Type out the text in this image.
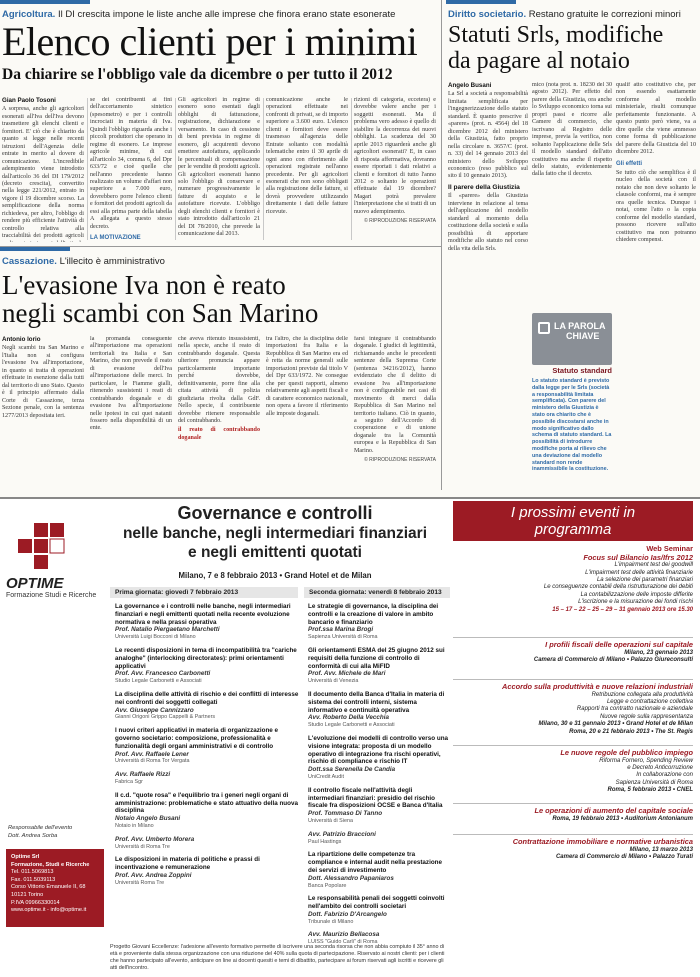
Agricoltura. Il DI crescita impone le liste anche alle imprese che finora erano state esonerate
Elenco clienti per i minimi
Da chiarire se l'obbligo vale da dicembre o per tutto il 2012
Gian Paolo Tosoni

A sorpresa, anche gli agricoltori esonerati all'Iva dell'Iva devono trasmettere gli elenchi clienti e fornitori. E' ciò che è chiarito da quanto si legge nelle recenti istruzioni dell'Agenzia delle entrate in merito al dovere di comunicazione. L'incredibile adempimento viene introdotto dall'articolo 36 del DI 179/2012 (decreto crescita), convertito nella legge 221/2012, entrato in vigore il 19 dicembre scorso. La semplificazione della norma richiedeva, per altro, l'obbligo di rendere più efficiente l'attività di controllo relativa alla tracciabilità dei prodotti agricoli

se dei contribuenti ai fini dell'accertamento sintetico (spesometro) e per i controlli incrociati in materia di Iva. Quindi l'obbligo riguarda anche i piccoli produttori che operano in regime di esonero. Le imprese agricole minime, di cui all'articolo 34, comma 6, del Dpr 633/72 e cioè quelle che nell'anno precedente hanno realizzato un volume d'affari non superiore a 7.000 euro, dovrebbero porre l'elenco clienti e fornitori dei prodotti agricoli da essi alla prima parte della tabella A allegata a questo stesso decreto.

LA MOTIVAZIONE

Gli agricoltori in regime di esonero sono esentati dagli obblighi di fatturazione, registrazione, dichiarazione e versamento. In caso di cessione di beni prevista in regime di esonero, gli acquirenti devono emettere autofattura, applicando le percentuali di compensazione per le vendite di prodotti agricoli. Gli agricoltori esonerati hanno solo l'obbligo di conservare e numerare progressivamente le fatture di acquisto e le autofatture ricevute. L'obbligo degli elenchi clienti e fornitori è stato introdotto dall'articolo 21 del DI 78/2010, che prevede la comunicazione dal 2013.

comunicazione anche le operazioni effettuate nei confronti di privati, se di importo superiore a 3.600 euro. L'elenco clienti e fornitori deve essere trasmesso all'agenzia delle Entrate soltanto con modalità telematiche entro il 30 aprile di ogni anno con riferimento alle operazioni registrate nell'anno precedente. Per gli agricoltori esonerati che non sono obbligati alla registrazione delle fatture, si dovrà provvedere utilizzando direttamente i dati delle fatture ricevute.

rizioni di categoria, eccetera) e dovrebbe valere anche per i soggetti esonerati. Ma il problema vero adesso è quello di stabilire la decorrenza dei nuovi obblighi. La scadenza del 30 aprile 2013 riguarderà anche gli agricoltori esonerati? E, in caso di risposta affermativa, dovranno essere riportati i dati relativi a clienti e fornitori di tutto l'anno 2012 o soltanto le operazioni effettuate dal 19 dicembre? Magari potrà prevalere l'interpretazione che si tratti di un nuovo adempimento.

© RIPRODUZIONE RISERVATA
Diritto societario. Restano gratuite le correzioni minori
Statuti Srls, modifiche
da pagare al notaio
Angelo Busani

La Srl a società a responsabilità limitata semplificata per l'ingegnerizzazione dello statuto standard. È quanto prescrive il «parere» (prot. n. 4564) del 18 dicembre 2012 del ministero della Giustizia, fatto proprio nella circolare n. 3657/C (prot. n. 33) del 14 gennaio 2013 del ministero dello Sviluppo economico (reso pubblico sul sito il 10 gennaio 2013).

Il parere della Giustizia

Il «parere» della Giustizia interviene in relazione al tema dell'applicazione del modello standard al momento della costituzione della società e sulla possibilità di apportare modifiche allo statuto nel corso della vita della Srls.

mico (nota prot. n. 18230 del 30 agosto 2012). Per effetto del parere della Giustizia, ora anche lo Sviluppo economico torna sui propri passi e ricorre alle Camere di commercio, che iscrivano al Registro delle imprese, previa la verifica, non soltanto l'applicazione delle Srls il modello standard dell'atto costitutivo ma anche il rispetto dello statuto, evidentemente dalla fatto che il decreto.

qualif atto costitutivo che, per non essendo esattamente conforme al modello ministeriale, risulti comunque perfettamente funzionante. A questo punto però viene, va a dire quelle che viene ammesso come forma di pubblicazione del parere della Giustizia del 10 dicembre 2012.

Gli effetti

Se tutto ciò che semplifica è il nucleo della società con il notaio che non deve soltanto le clausole conformi, ma è sempre ora quelle tecnica. Dunque i notai, come l'atto o la copia conforme del modello standard, possono ricevere sull'atto costitutivo ma non potranno chiedere compensi.

LA PAROLA
CHIAVE
Statuto standard
Lo statuto standard è previsto dalla legge per le Srls (società a responsabilità limitata semplificata). Con parere del ministero della Giustizia è stato ora chiarito che è possibile discostarsi anche in modo significativo dallo schema di statuto standard. La possibilità di introdurre modifiche porta al rilievo che una deviazione dal modello standard non rende inammissibile la costituzione.
Cassazione. L'illecito è amministrativo
L'evasione Iva non è reato
negli scambi con San Marino
Antonio Iorio

Negli scambi tra San Marino e l'Italia non si configura l'evasione Iva all'importazione, in quanto si tratta di operazioni effettuate in esenzione dalla tutti dal territorio di uno Stato. Questo è il principio affermato dalla Corte di Cassazione, terza Sezione penale, con la sentenza 1277/2013 depositata ieri.

la promanda conseguente all'importazione ma operazioni territoriali tra Italia e San Marino, che non prevede il reato di evasione dell'Iva all'importazione delle merci. In particolare, le Fiamme gialli, ritenendo sussistenti i reati di contrabbando doganale e di evasione Iva all'importazione nelle ipotesi in cui quei natanti fossero nella disponibilità di un ente.

che aveva ritenuto insussistenti, nella specie, anche il reato di contrabbando doganale. Questa ulteriore pronuncia appare particolarmente importante perché dovrebbe, definitivamente, porre fine alla citata attività di polizia giudiziaria rivolta dalla GdF. Nello specie, il contribuente dovrebbe ritenere responsabile del contrabbando.

il reato di contrabbando doganale

tra l'altro, che la disciplina delle importazioni fra Italia e la Repubblica di San Marino era ed è retta da norme generali sulle importazioni previste dal titolo V del Dpr 633/1972. Ne consegue che per questi rapporti, almeno relativamente agli aspetti fiscali e di carattere economico nazionali, non opera a favore il riferimento alle imposte doganali.

farsi integrare il contrabbando doganale. I giudici di legittimità, richiamando anche le precedenti sentenze della Suprema Corte (sentenza 34216/2012), hanno evidenziato che il delitto di evasione Iva all'importazione non è configurabile nei casi di movimento di merci dalla Repubblica di San Marino nel territorio italiano. Ciò in quanto, a seguito dell'Accordo di cooperazione e di unione doganale tra la Comunità europea e la Repubblica di San Marino.

© RIPRODUZIONE RISERVATA
OPTIME
Formazione Studi e Ricerche
Governance e controlli
nelle banche, negli intermediari finanziari
e negli emittenti quotati
Milano, 7 e 8 febbraio 2013 • Grand Hotel et de Milan
Prima giornata: giovedì 7 febbraio 2013	Seconda giornata: venerdì 8 febbraio 2013
La governance e i controlli nelle banche, negli intermediari finanziari e negli emittenti quotati nella recente evoluzione normativa e nella prassi operativa
Prof. Natalio Piergaetano Marchetti
Università Luigi Bocconi di Milano
Le recenti disposizioni in tema di incompatibilità tra "cariche analoghe" (interlocking directorates): primi orientamenti applicativi
Prof. Avv. Francesco Carbonetti
Studio Legale Carbonetti e Associati
La disciplina delle attività di rischio e dei conflitti di interesse nei confronti dei soggetti collegati
Avv. Giuseppe Cannizzaro
Gianni Origoni Grippo Cappelli & Partners
I nuovi criteri applicativi in materia di organizzazione e governo societario: composizione, professionalità e funzionalità degli organi amministrativi e di controllo
Prof. Avv. Raffaele Lener
Università di Roma Tor Vergata
Avv. Raffaele Rizzi
Fabrica Sgr
Il c.d. "quote rosa" e l'equilibrio tra i generi negli organi di amministrazione: problematiche e stato attuativo della nuova disciplina
Notaio Angelo Busani
Notaio in Milano
Prof. Avv. Umberto Morera
Università di Roma Tre
Le disposizioni in materia di politiche e prassi di incentivazione e remunerazione
Prof. Avv. Andrea Zoppini
Università Roma Tre
Le strategie di governance, la disciplina dei controlli e la creazione di valore in ambito bancario e finanziario
Prof.ssa Marina Brogi
Sapienza Università di Roma
Gli orientamenti ESMA del 25 giugno 2012 sui requisiti della funzione di controllo di conformità di cui alla MiFID
Prof. Avv. Michele de Mari
Università di Venezia
Il documento della Banca d'Italia in materia di sistema dei controlli interni, sistema informativo e continuità operativa
Avv. Roberto Della Vecchia
Studio Legale Carbonetti e Associati
L'evoluzione dei modelli di controllo verso una visione integrata: proposta di un modello operativo di integrazione fra rischi operativi, rischio di compliance e rischio IT
Dott.ssa Serenella De Candia
UniCredit Audit
Il controllo fiscale nell'attività degli intermediari finanziari: presidio del rischio fiscale fra disposizioni OCSE e Banca d'Italia
Prof. Tommaso Di Tanno
Università di Siena
Avv. Patrizio Braccioni
Paul Hastings
La ripartizione delle competenze tra compliance e internal audit nella prestazione dei servizi di investimento
Dott. Alessandro Papaniaros
Banca Popolare
Le responsabilità penali dei soggetti coinvolti nell'ambito dei controlli societari
Dott. Fabrizio D'Arcangelo
Tribunale di Milano
Avv. Maurizio Bellacosa
LUISS "Guido Carli" di Roma
Responsabile dell'evento
Dott. Andrea Sorba
Optime Srl
Formazione, Studi e Ricerche
Tel. 011.5069813
Fax. 011.5039113
Corso Vittorio Emanuele II, 68
10121 Torino
P.IVA 09966330014
www.optime.it - info@optime.it
Progetto Giovani Eccellenze: l'adesione all'evento formativo permette di iscrivere una seconda risorsa che non abbia compiuto il 35° anno di età e proveniente dalla stessa organizzazione con una riduzione del 40% sulla quota di partecipazione. Riservato ai nostri clienti: per i clienti che hanno partecipato all'evento, anticipare on line ai docenti quesiti e temi di dibattito, partecipare ai forum riservati agli iscritti e ricevere gli atti dell'incontro.
I prossimi eventi in
programma
Web Seminar
Focus sul Bilancio Ias/Ifrs 2012
L'impairment test dei goodwill
L'impairment test delle attività finanziarie
La selezione dei parametri finanziari
Le conseguenze contabili della ristrutturazione dei debiti
La contabilizzazione delle imposte differite
L'iscrizione e la misurazione dei fondi rischi
15 – 17 – 22 – 25 – 29 – 31 gennaio 2013 ore 15.30
I profili fiscali delle operazioni sul capitale
Milano, 23 gennaio 2013
Camera di Commercio di Milano • Palazzo Giureconsulti
Accordo sulla produttività e nuove relazioni industriali
Retribuzione collegata alla produttività
Legge e contrattazione collettiva
Rapporti tra contratto nazionale e aziendale
Nuove regole sulla rappresentanza
Milano, 30 e 31 gennaio 2013 • Grand Hotel et de Milan
Roma, 20 e 21 febbraio 2013 • The St. Regis
Le nuove regole del pubblico impiego
Riforma Fornero, Spending Review
e Decreto Anticorruzione
In collaborazione con
Sapienza Università di Roma
Roma, 5 febbraio 2013 • CNEL
Le operazioni di aumento del capitale sociale
Roma, 19 febbraio 2013 • Auditorium Antonianum
Contrattazione immobiliare e normative urbanistica
Milano, 13 marzo 2013
Camera di Commercio di Milano • Palazzo Turati
